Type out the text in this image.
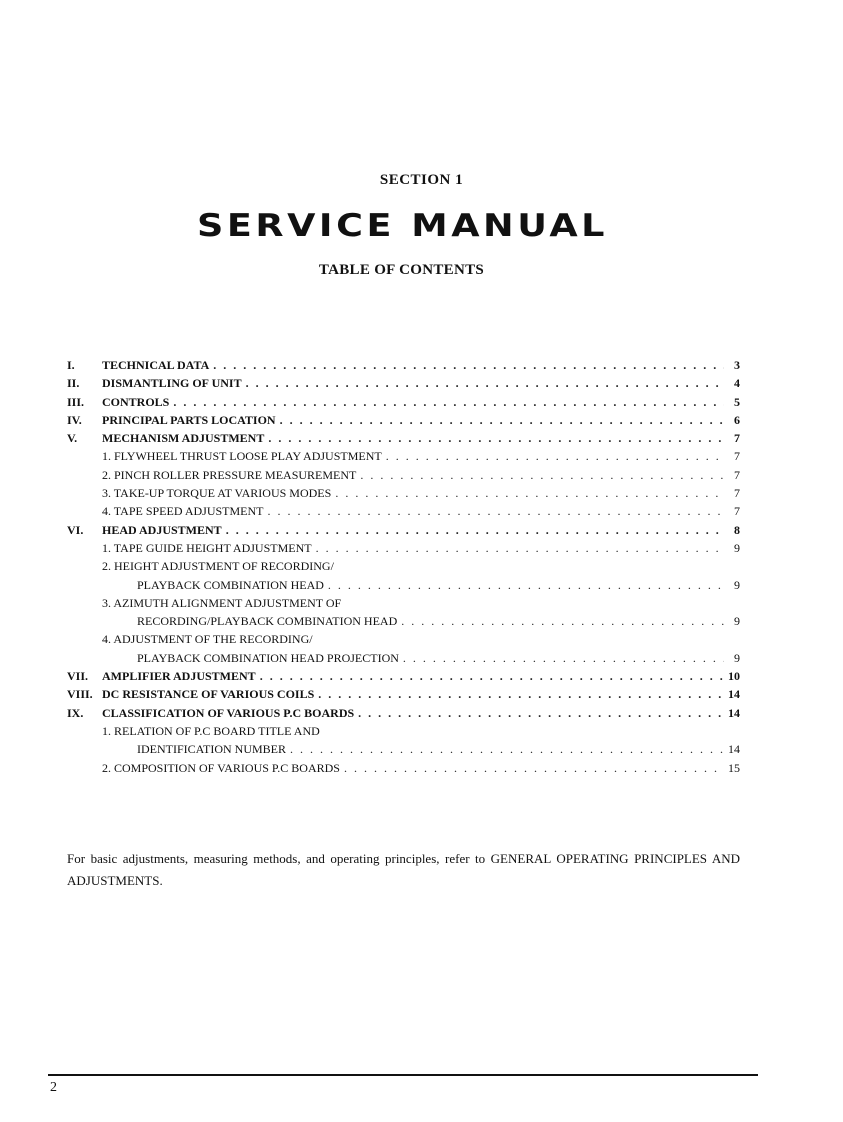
SECTION 1
SERVICE MANUAL
TABLE OF CONTENTS
I.	TECHNICAL DATA . . .	3
II.	DISMANTLING OF UNIT . . .	4
III.	CONTROLS . . .	5
IV.	PRINCIPAL PARTS LOCATION . . .	6
V.	MECHANISM ADJUSTMENT . . .	7
1. FLYWHEEL THRUST LOOSE PLAY ADJUSTMENT . . .	7
2. PINCH ROLLER PRESSURE MEASUREMENT . . .	7
3. TAKE-UP TORQUE AT VARIOUS MODES . . .	7
4. TAPE SPEED ADJUSTMENT . . .	7
VI.	HEAD ADJUSTMENT . . .	8
1. TAPE GUIDE HEIGHT ADJUSTMENT . . .	9
2. HEIGHT ADJUSTMENT OF RECORDING/
PLAYBACK COMBINATION HEAD . . .	9
3. AZIMUTH ALIGNMENT ADJUSTMENT OF
RECORDING/PLAYBACK COMBINATION HEAD . . .	9
4. ADJUSTMENT OF THE RECORDING/
PLAYBACK COMBINATION HEAD PROJECTION . . .	9
VII.	AMPLIFIER ADJUSTMENT . . .	10
VIII. DC RESISTANCE OF VARIOUS COILS . . .	14
IX.	CLASSIFICATION OF VARIOUS P.C BOARDS . . .	14
1. RELATION OF P.C BOARD TITLE AND
IDENTIFICATION NUMBER . . .	14
2. COMPOSITION OF VARIOUS P.C BOARDS . . .	15
For basic adjustments, measuring methods, and operating principles, refer to GENERAL OPERATING PRINCIPLES AND ADJUSTMENTS.
2
